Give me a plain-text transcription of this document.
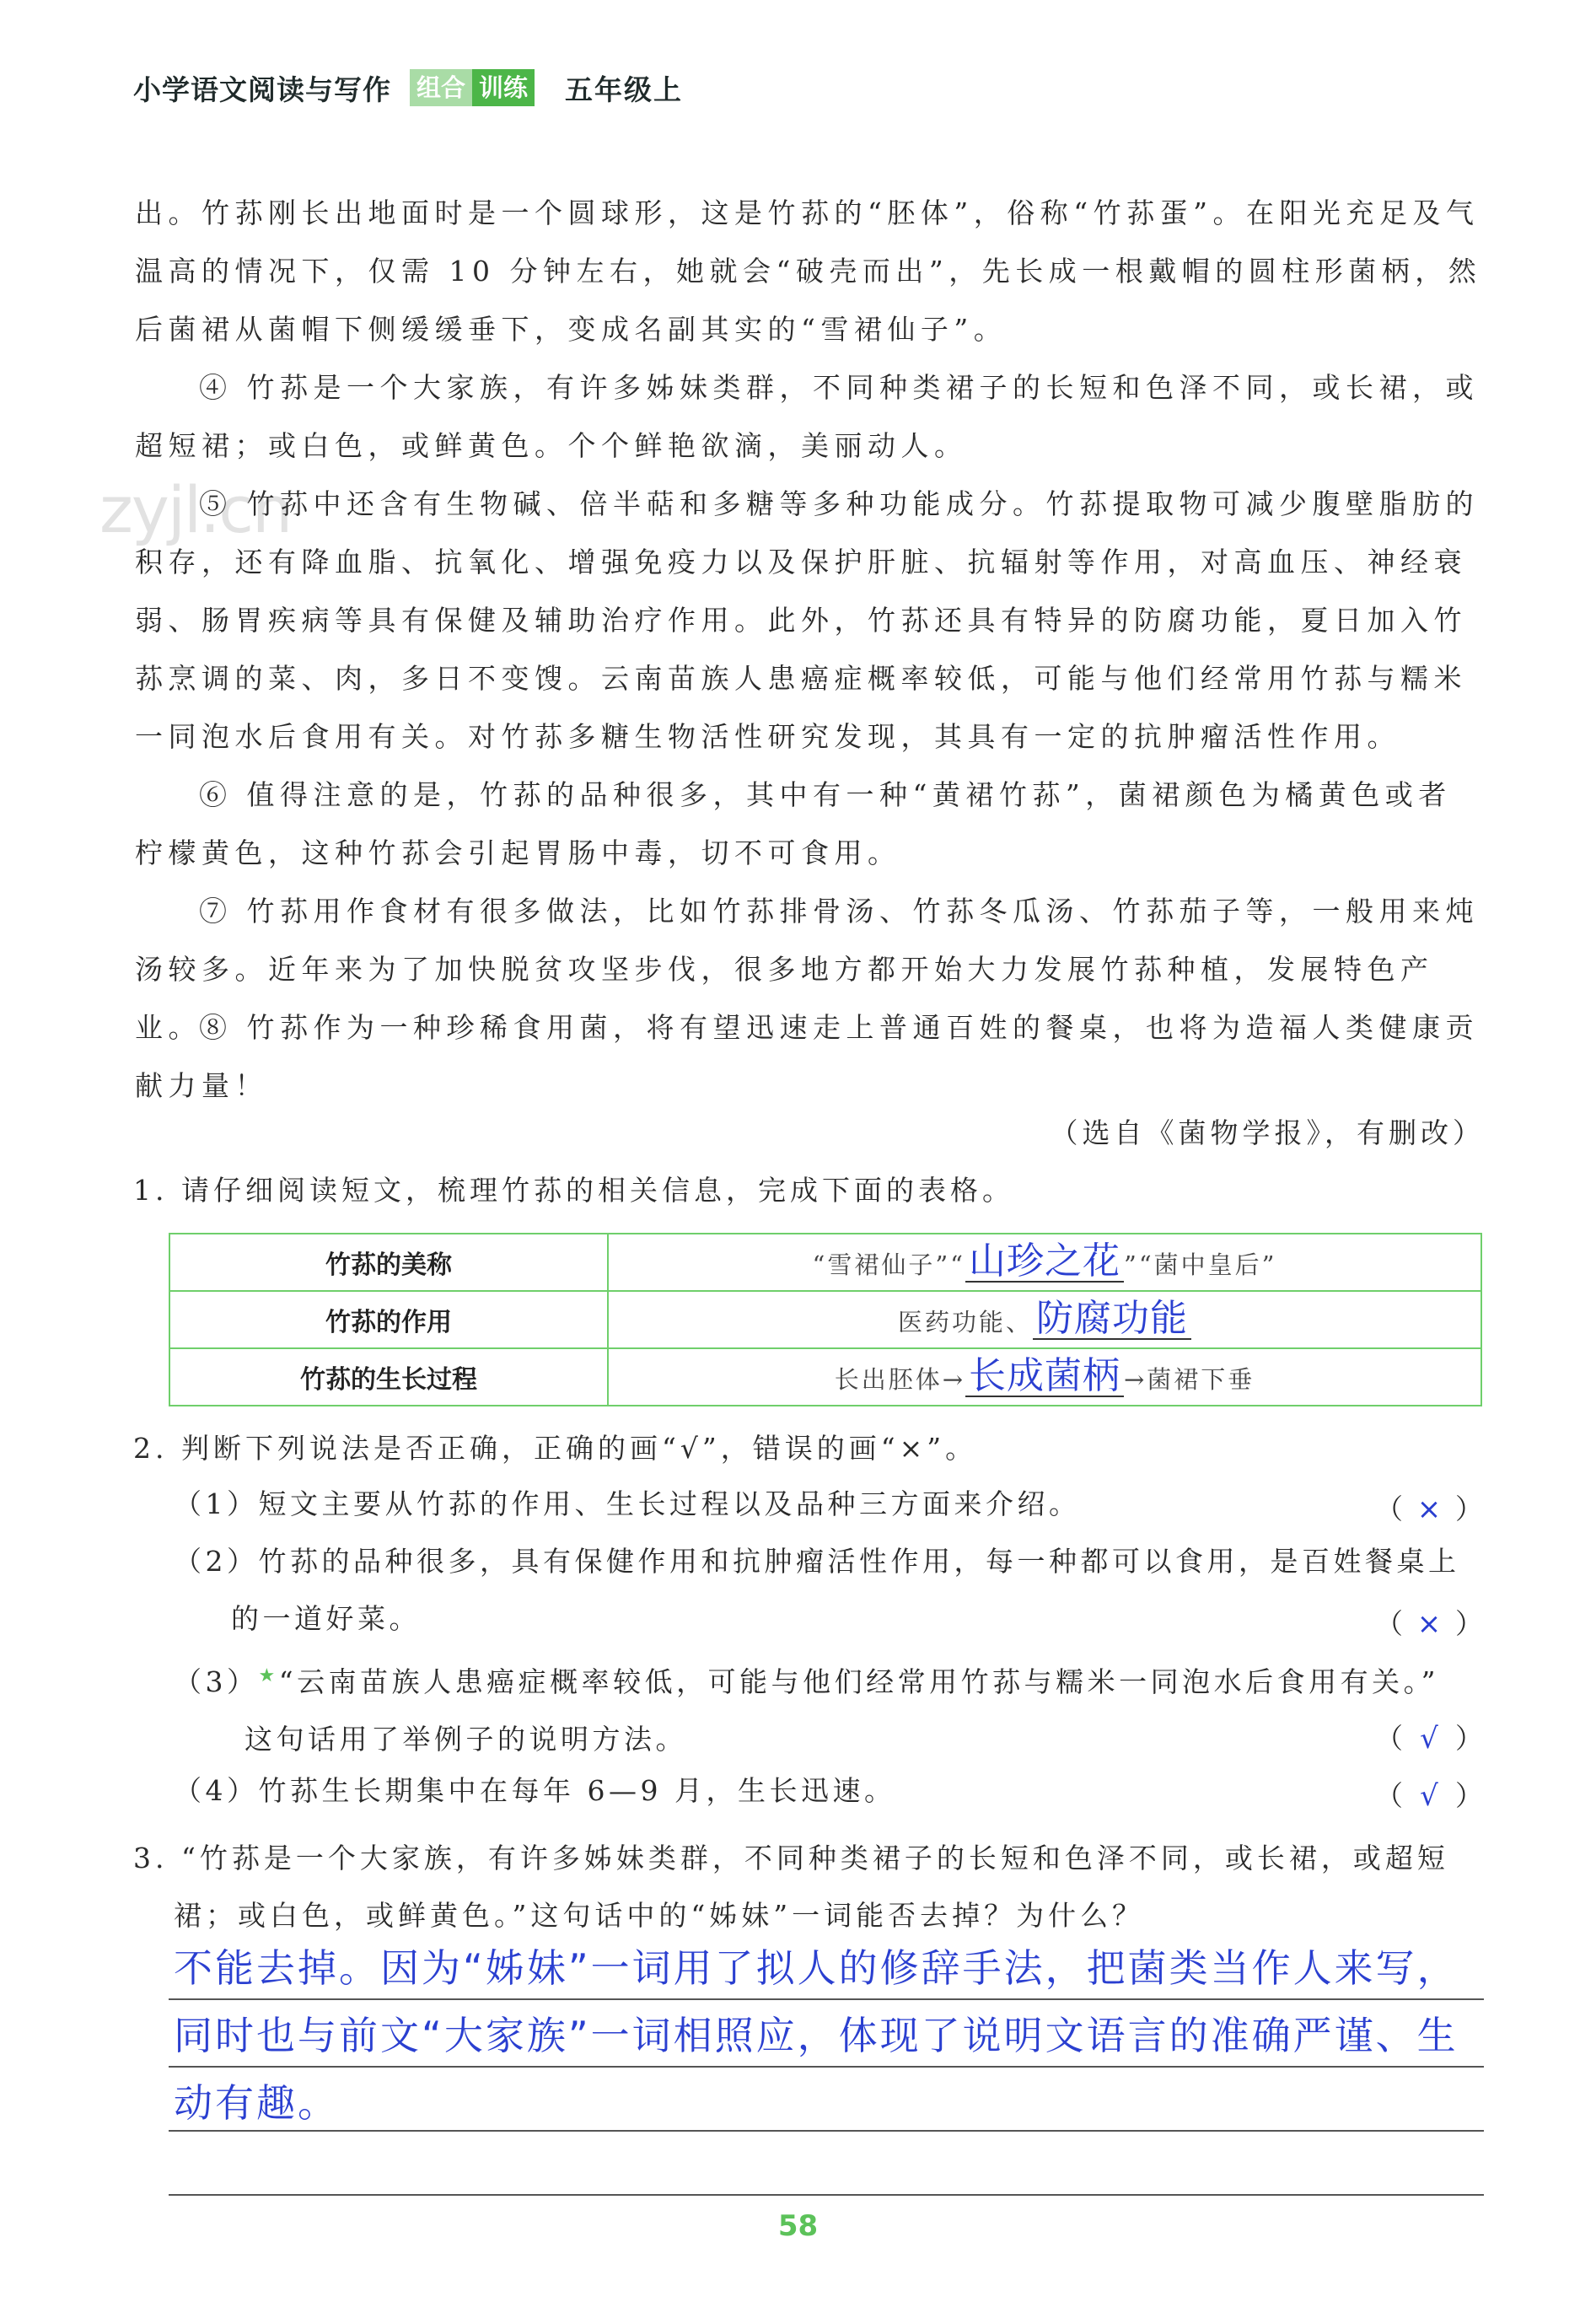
小学语文阅读与写作 组合 训练 五年级上
zyjl.cn
出。竹荪刚长出地面时是一个圆球形，这是竹荪的“胚体”，俗称“竹荪蛋”。在阳光充足及气温高的情况下，仅需 10 分钟左右，她就会“破壳而出”，先长成一根戴帽的圆柱形菌柄，然后菌裙从菌帽下侧缓缓垂下，变成名副其实的“雪裙仙子”。
④ 竹荪是一个大家族，有许多姊妹类群，不同种类裙子的长短和色泽不同，或长裙，或超短裙；或白色，或鲜黄色。个个鲜艳欲滴，美丽动人。
⑤ 竹荪中还含有生物碱、倍半萜和多糖等多种功能成分。竹荪提取物可减少腹壁脂肪的积存，还有降血脂、抗氧化、增强免疫力以及保护肝脏、抗辐射等作用，对高血压、神经衰弱、肠胃疾病等具有保健及辅助治疗作用。此外，竹荪还具有特异的防腐功能，夏日加入竹荪烹调的菜、肉，多日不变馊。云南苗族人患癌症概率较低，可能与他们经常用竹荪与糯米一同泡水后食用有关。对竹荪多糖生物活性研究发现，其具有一定的抗肿瘤活性作用。
⑥ 值得注意的是，竹荪的品种很多，其中有一种“黄裙竹荪”，菌裙颜色为橘黄色或者柠檬黄色，这种竹荪会引起胃肠中毒，切不可食用。
⑦ 竹荪用作食材有很多做法，比如竹荪排骨汤、竹荪冬瓜汤、竹荪茄子等，一般用来炖汤较多。近年来为了加快脱贫攻坚步伐，很多地方都开始大力发展竹荪种植，发展特色产业。
⑧ 竹荪作为一种珍稀食用菌，将有望迅速走上普通百姓的餐桌，也将为造福人类健康贡献力量！
（选自《菌物学报》，有删改）
1. 请仔细阅读短文，梳理竹荪的相关信息，完成下面的表格。
竹荪的美称	“雪裙仙子”“山珍之花 ”“菌中皇后”
竹荪的作用	医药功能、防腐功能
竹荪的生长过程	长出胚体→长成菌柄 →菌裙下垂
2. 判断下列说法是否正确，正确的画“√”，错误的画“×”。
（1）短文主要从竹荪的作用、生长过程以及品种三方面来介绍。	（ × ）
（2）竹荪的品种很多，具有保健作用和抗肿瘤活性作用，每一种都可以食用，是百姓餐桌上
的一道好菜。	（ × ）
（3）★“云南苗族人患癌症概率较低，可能与他们经常用竹荪与糯米一同泡水后食用有关。”
这句话用了举例子的说明方法。	（ √ ）
（4）竹荪生长期集中在每年 6—9 月，生长迅速。	（ √ ）
3. “竹荪是一个大家族，有许多姊妹类群，不同种类裙子的长短和色泽不同，或长裙，或超短
裙；或白色，或鲜黄色。”这句话中的“姊妹”一词能否去掉？为什么？
不能去掉。因为“姊妹”一词用了拟人的修辞手法，把菌类当作人来写，
同时也与前文“大家族”一词相照应，体现了说明文语言的准确严谨、生
动有趣。
58
